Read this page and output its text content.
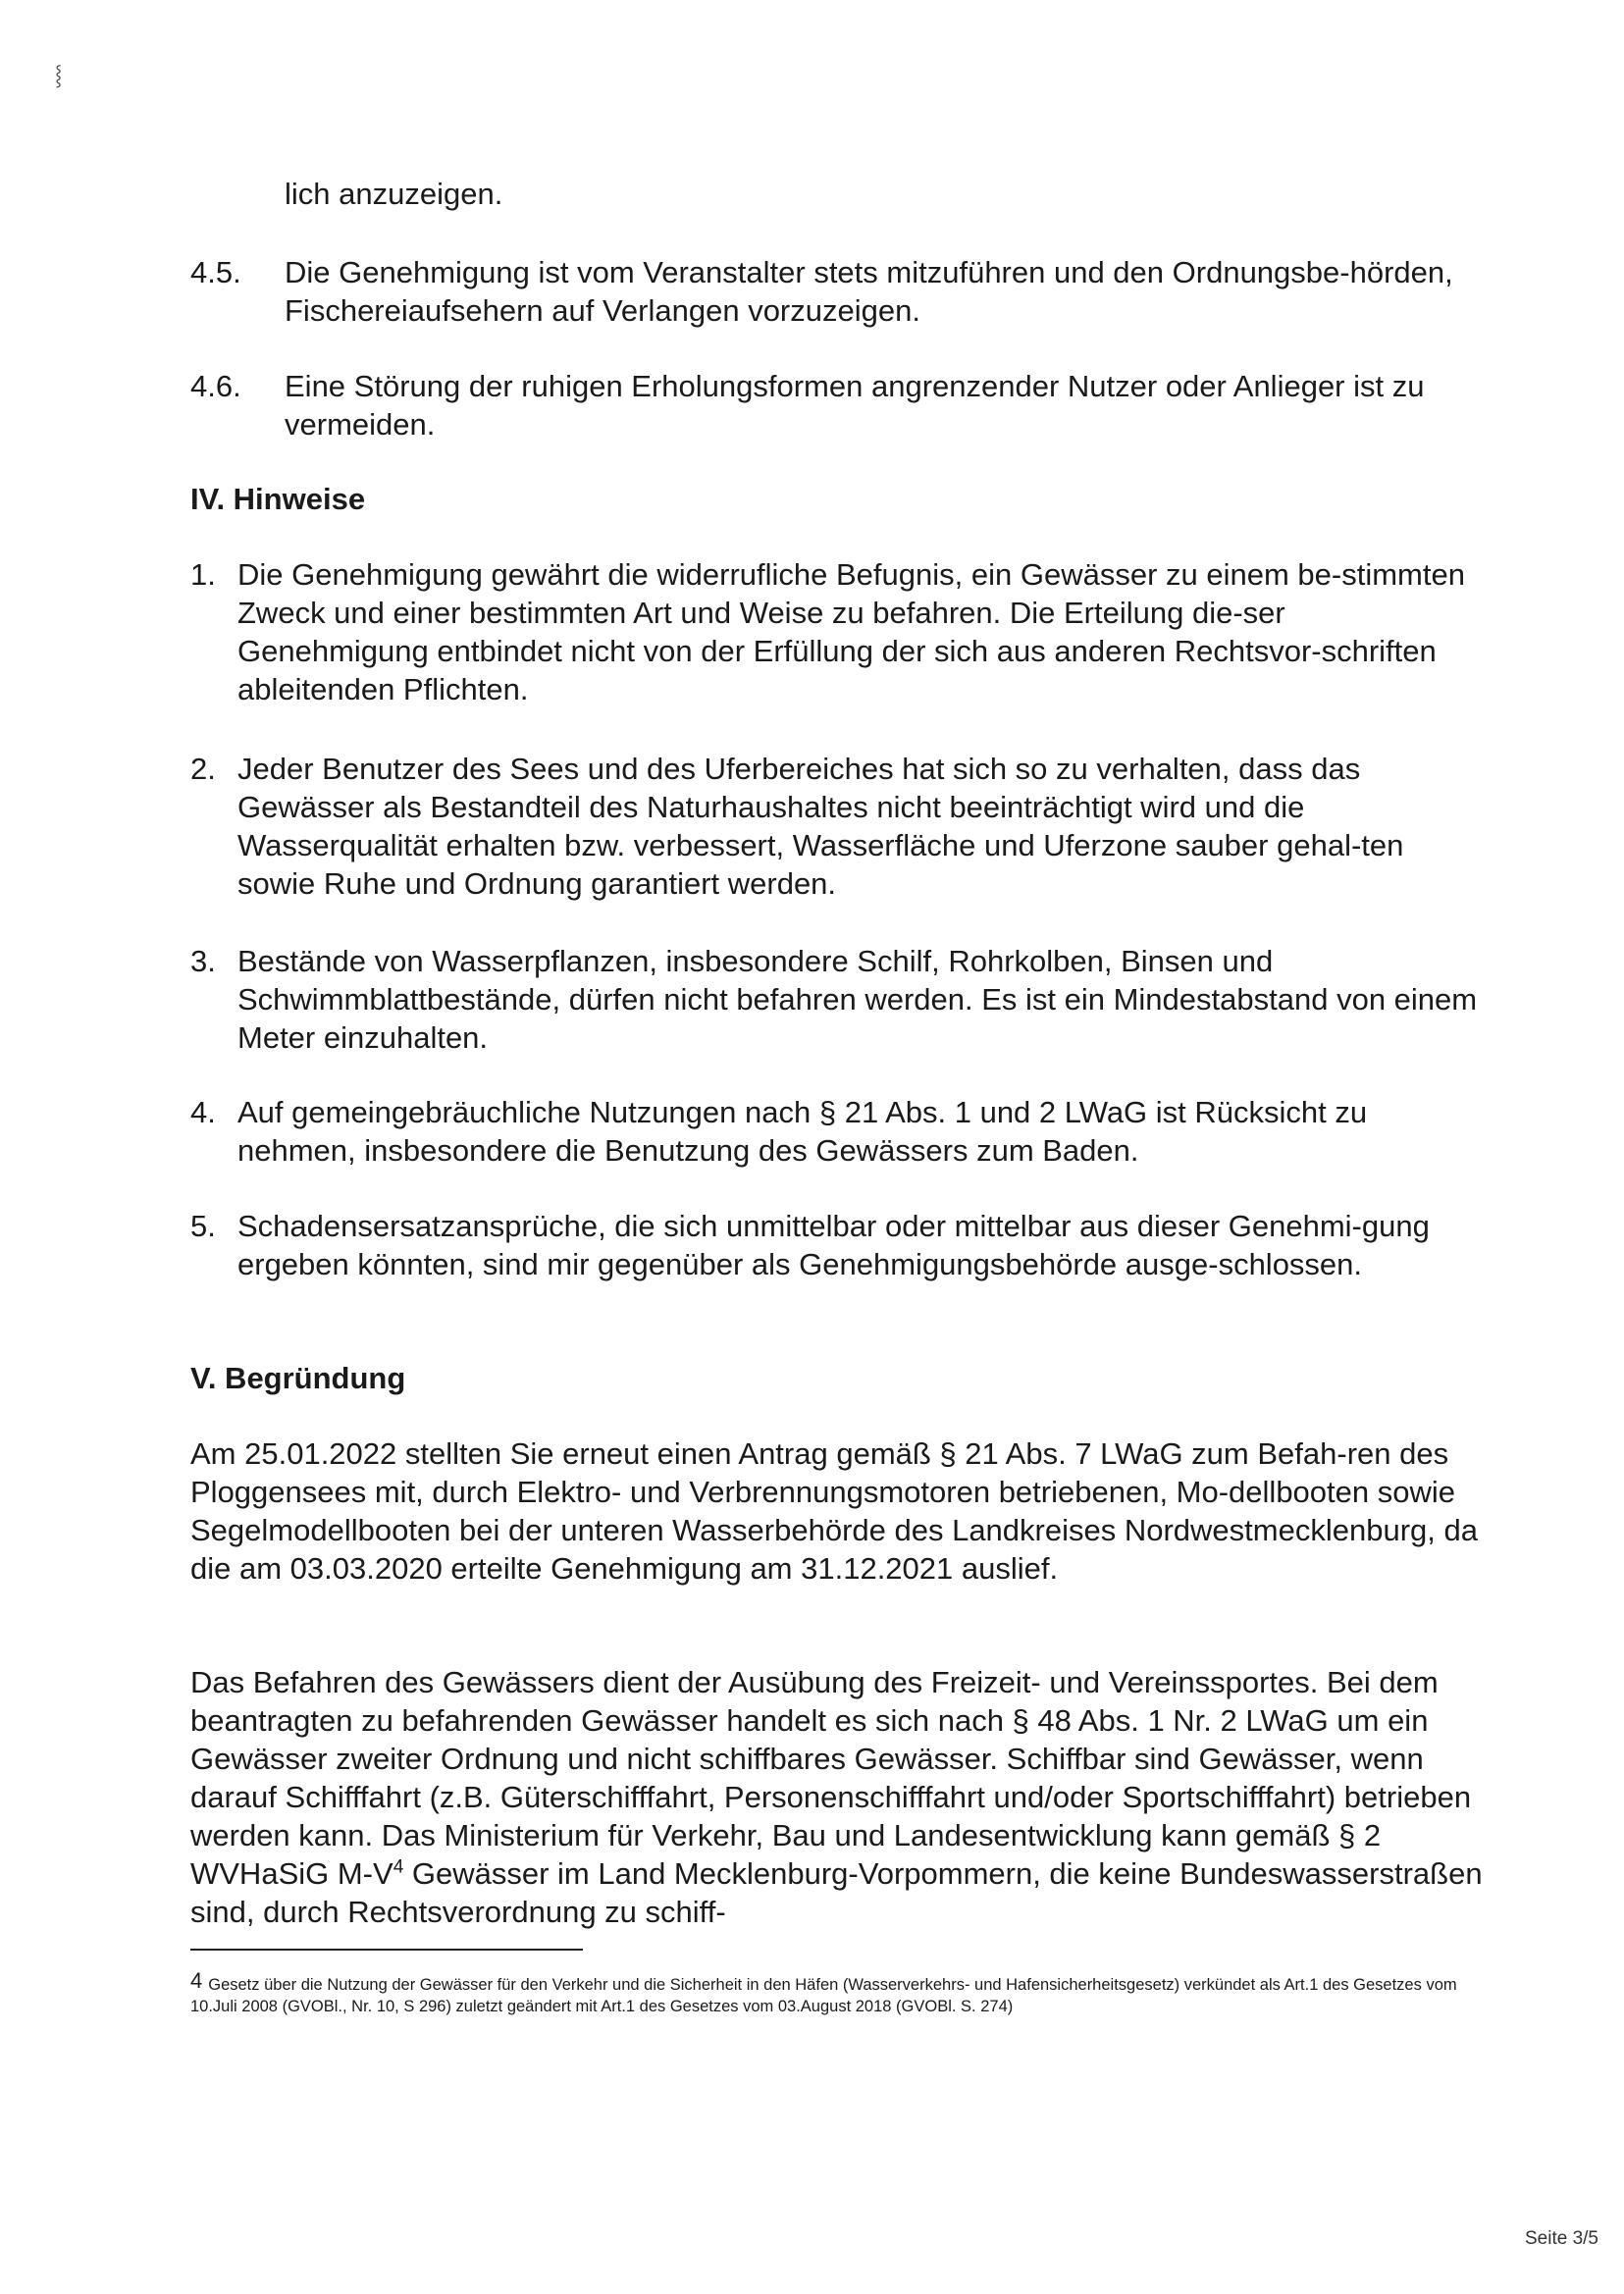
⸾
lich anzuzeigen.
4.5. Die Genehmigung ist vom Veranstalter stets mitzuführen und den Ordnungsbe-hörden, Fischereiaufsehern auf Verlangen vorzuzeigen.
4.6. Eine Störung der ruhigen Erholungsformen angrenzender Nutzer oder Anlieger ist zu vermeiden.
IV. Hinweise
1. Die Genehmigung gewährt die widerrufliche Befugnis, ein Gewässer zu einem be-stimmten Zweck und einer bestimmten Art und Weise zu befahren. Die Erteilung die-ser Genehmigung entbindet nicht von der Erfüllung der sich aus anderen Rechtsvor-schriften ableitenden Pflichten.
2. Jeder Benutzer des Sees und des Uferbereiches hat sich so zu verhalten, dass das Gewässer als Bestandteil des Naturhaushaltes nicht beeinträchtigt wird und die Wasserqualität erhalten bzw. verbessert, Wasserfläche und Uferzone sauber gehal-ten sowie Ruhe und Ordnung garantiert werden.
3. Bestände von Wasserpflanzen, insbesondere Schilf, Rohrkolben, Binsen und Schwimmblattbestände, dürfen nicht befahren werden. Es ist ein Mindestabstand von einem Meter einzuhalten.
4. Auf gemeingebräuchliche Nutzungen nach § 21 Abs. 1 und 2 LWaG ist Rücksicht zu nehmen, insbesondere die Benutzung des Gewässers zum Baden.
5. Schadensersatzansprüche, die sich unmittelbar oder mittelbar aus dieser Genehmi-gung ergeben könnten, sind mir gegenüber als Genehmigungsbehörde ausge-schlossen.
V. Begründung
Am 25.01.2022 stellten Sie erneut einen Antrag gemäß § 21 Abs. 7 LWaG zum Befah-ren des Ploggensees mit, durch Elektro- und Verbrennungsmotoren betriebenen, Mo-dellbooten sowie Segelmodellbooten bei der unteren Wasserbehörde des Landkreises Nordwestmecklenburg, da die am 03.03.2020 erteilte Genehmigung am 31.12.2021 auslief.
Das Befahren des Gewässers dient der Ausübung des Freizeit- und Vereinssportes. Bei dem beantragten zu befahrenden Gewässer handelt es sich nach § 48 Abs. 1 Nr. 2 LWaG um ein Gewässer zweiter Ordnung und nicht schiffbares Gewässer. Schiffbar sind Gewässer, wenn darauf Schifffahrt (z.B. Güterschifffahrt, Personenschifffahrt und/oder Sportschifffahrt) betrieben werden kann. Das Ministerium für Verkehr, Bau und Landesentwicklung kann gemäß § 2 WVHaSiG $M-V^4$ Gewässer im Land Mecklenburg-Vorpommern, die keine Bundeswasserstraßen sind, durch Rechtsverordnung zu schiff-
4 Gesetz über die Nutzung der Gewässer für den Verkehr und die Sicherheit in den Häfen (Wasserverkehrs- und Hafensicherheitsgesetz) verkündet als Art.1 des Gesetzes vom 10.Juli 2008 (GVOBl., Nr. 10, S 296) zuletzt geändert mit Art.1 des Gesetzes vom 03.August 2018 (GVOBl. S. 274)
Seite 3/5
